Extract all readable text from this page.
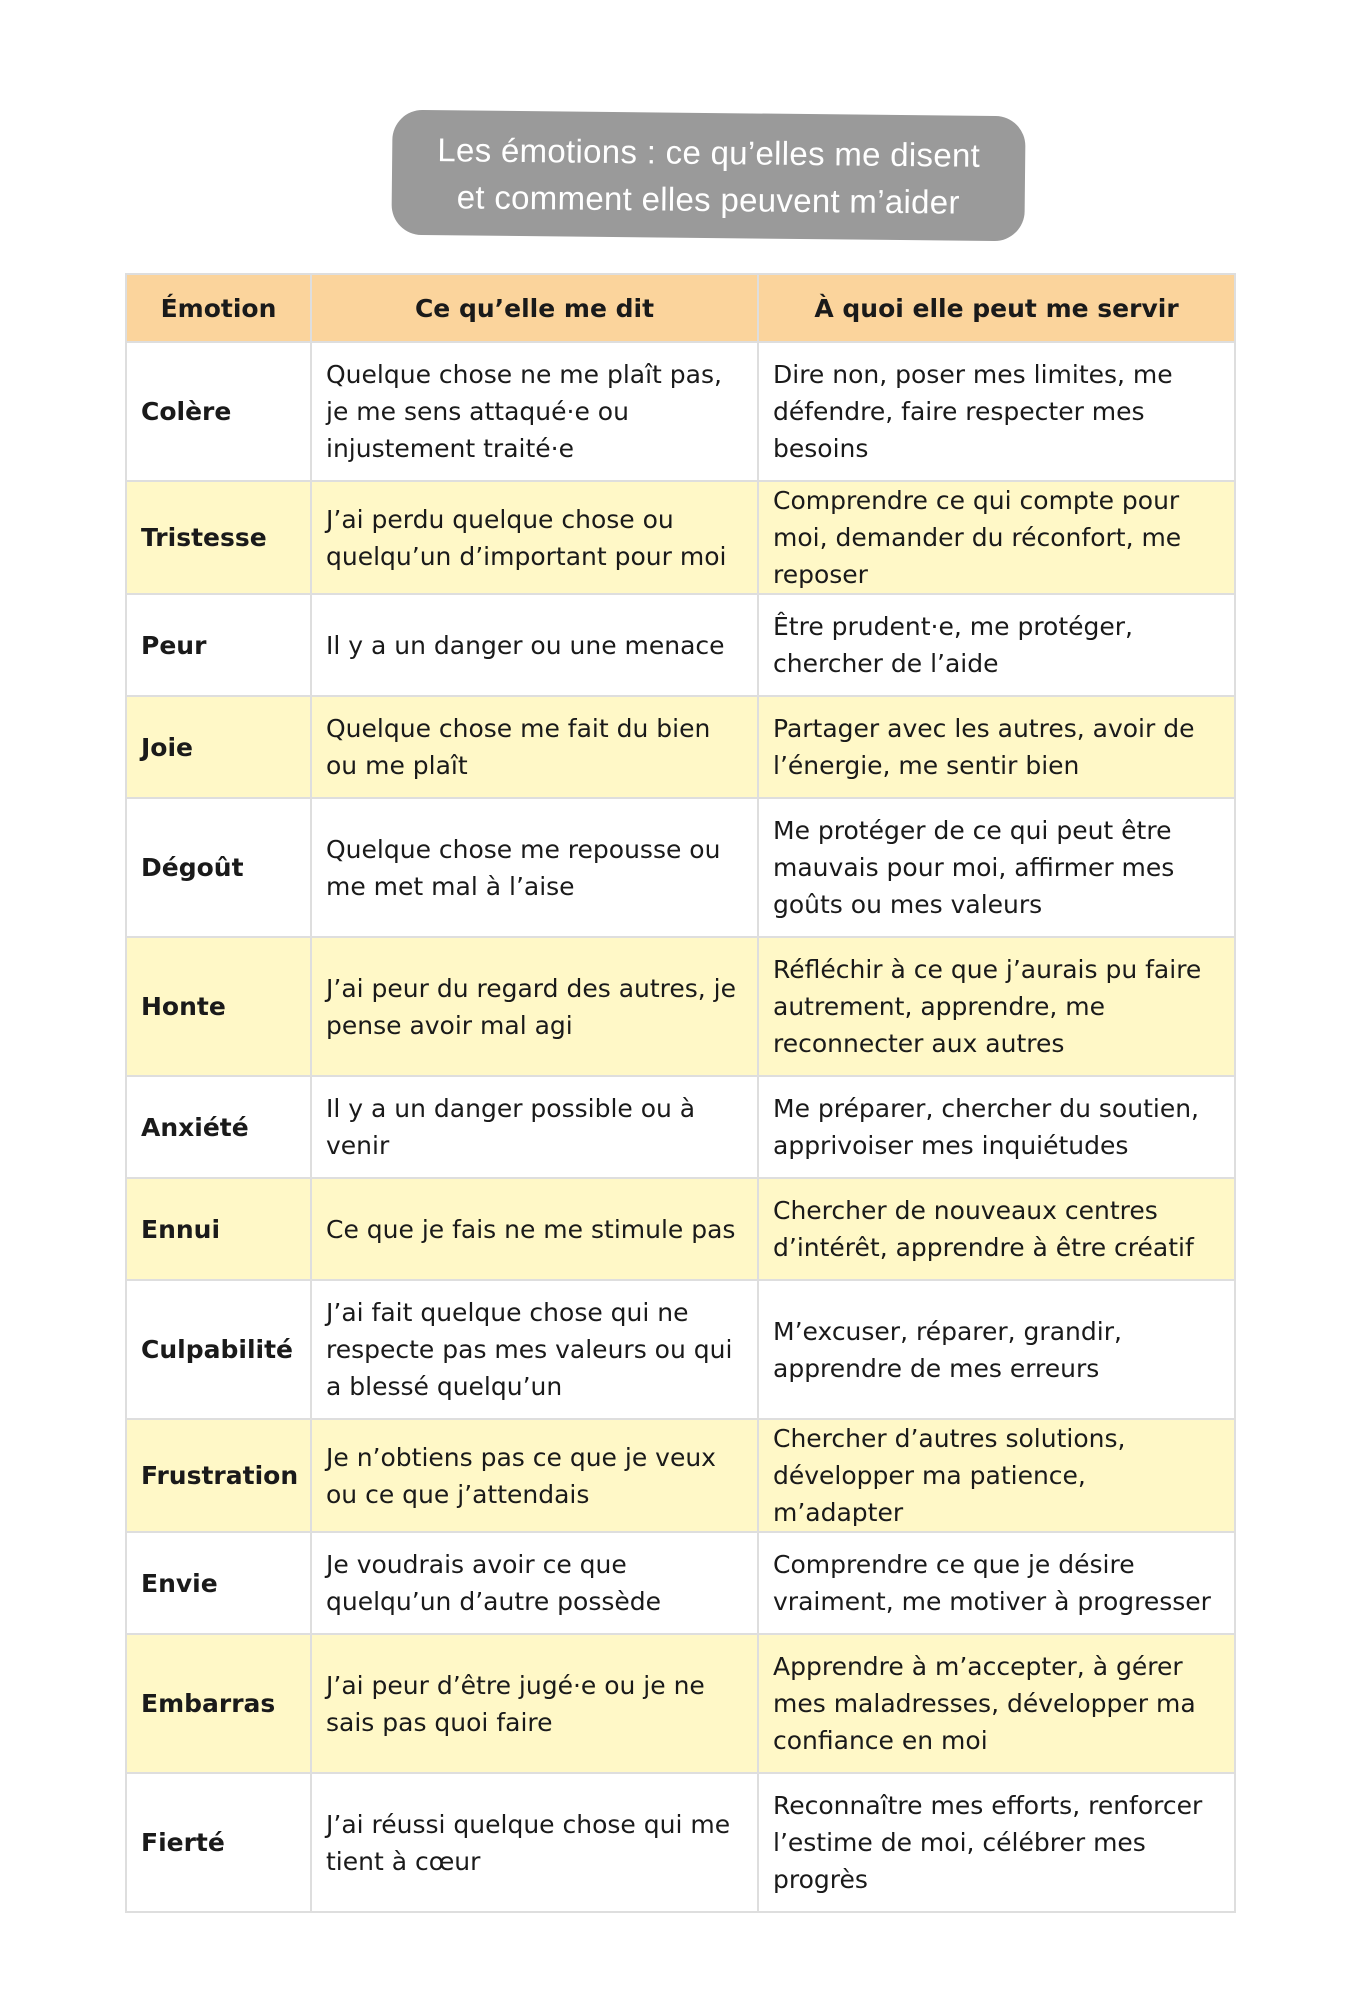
Les émotions : ce qu’elles me disent
et comment elles peuvent m’aider
Émotion	Ce qu’elle me dit	À quoi elle peut me servir
Colère	Quelque chose ne me plaît pas, je me sens attaqué·e ou injustement traité·e	Dire non, poser mes limites, me défendre, faire respecter mes besoins
Tristesse	J’ai perdu quelque chose ou quelqu’un d’important pour moi	Comprendre ce qui compte pour moi, demander du réconfort, me reposer
Peur	Il y a un danger ou une menace	Être prudent·e, me protéger, chercher de l’aide
Joie	Quelque chose me fait du bien ou me plaît	Partager avec les autres, avoir de l’énergie, me sentir bien
Dégoût	Quelque chose me repousse ou me met mal à l’aise	Me protéger de ce qui peut être mauvais pour moi, affirmer mes goûts ou mes valeurs
Honte	J’ai peur du regard des autres, je pense avoir mal agi	Réfléchir à ce que j’aurais pu faire autrement, apprendre, me reconnecter aux autres
Anxiété	Il y a un danger possible ou à venir	Me préparer, chercher du soutien, apprivoiser mes inquiétudes
Ennui	Ce que je fais ne me stimule pas	Chercher de nouveaux centres d’intérêt, apprendre à être créatif
Culpabilité	J’ai fait quelque chose qui ne respecte pas mes valeurs ou qui a blessé quelqu’un	M’excuser, réparer, grandir, apprendre de mes erreurs
Frustration	Je n’obtiens pas ce que je veux ou ce que j’attendais	Chercher d’autres solutions, développer ma patience, m’adapter
Envie	Je voudrais avoir ce que quelqu’un d’autre possède	Comprendre ce que je désire vraiment, me motiver à progresser
Embarras	J’ai peur d’être jugé·e ou je ne sais pas quoi faire	Apprendre à m’accepter, à gérer mes maladresses, développer ma confiance en moi
Fierté	J’ai réussi quelque chose qui me tient à cœur	Reconnaître mes efforts, renforcer l’estime de moi, célébrer mes progrès
